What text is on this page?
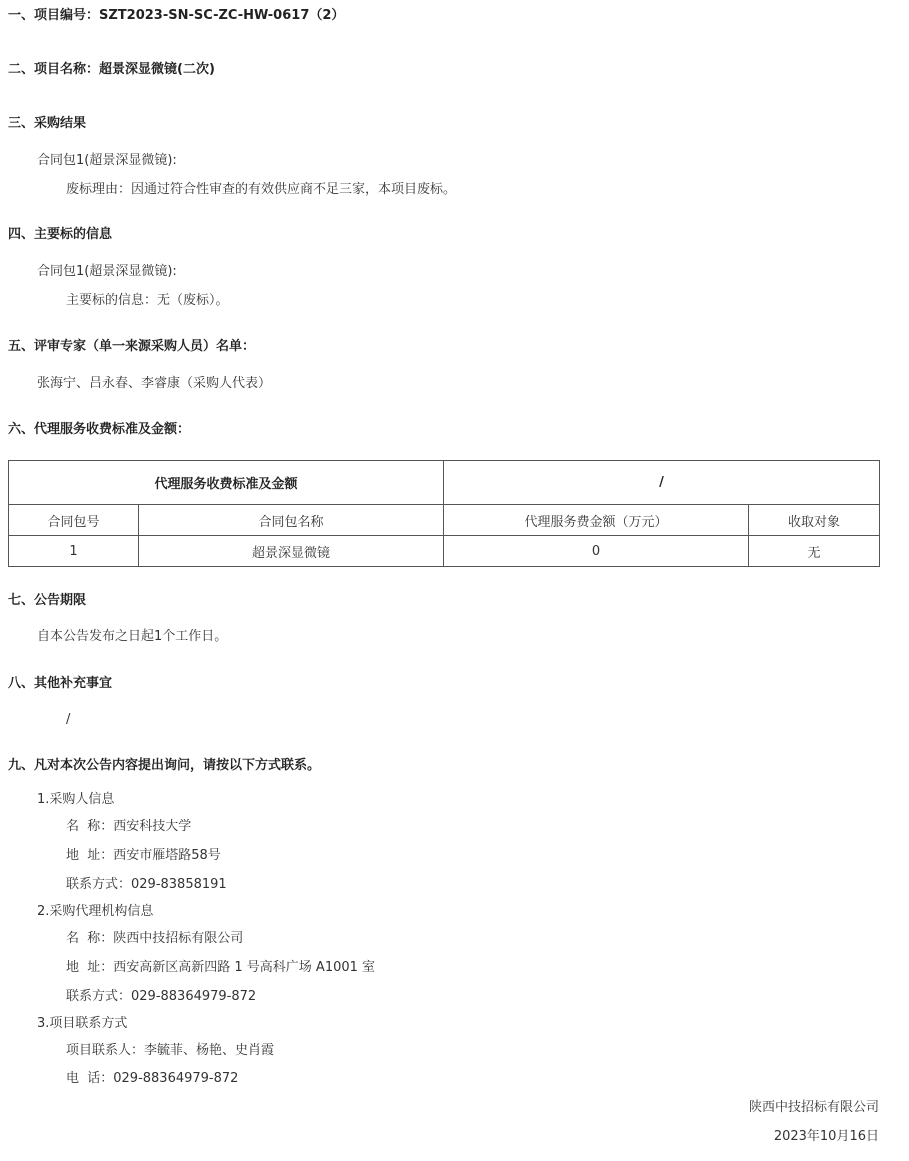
一、项目编号：SZT2023-SN-SC-ZC-HW-0617（2）
二、项目名称：超景深显微镜(二次)
三、采购结果
合同包1(超景深显微镜):
废标理由：因通过符合性审查的有效供应商不足三家，本项目废标。
四、主要标的信息
合同包1(超景深显微镜):
主要标的信息：无（废标）。
五、评审专家（单一来源采购人员）名单：
张海宁、吕永春、李睿康（采购人代表）
六、代理服务收费标准及金额：
代理服务收费标准及金额		/	
合同包号	合同包名称	代理服务费金额（万元）	收取对象
1	超景深显微镜	0	无
七、公告期限
自本公告发布之日起1个工作日。
八、其他补充事宜
/
九、凡对本次公告内容提出询问，请按以下方式联系。
1.采购人信息
名  称：西安科技大学
地  址：西安市雁塔路58号
联系方式：029-83858191
2.采购代理机构信息
名  称：陕西中技招标有限公司
地  址：西安高新区高新四路 1 号高科广场 A1001 室
联系方式：029-88364979-872
3.项目联系方式
项目联系人：李毓菲、杨艳、史肖霞
电  话：029-88364979-872
陕西中技招标有限公司
2023年10月16日
